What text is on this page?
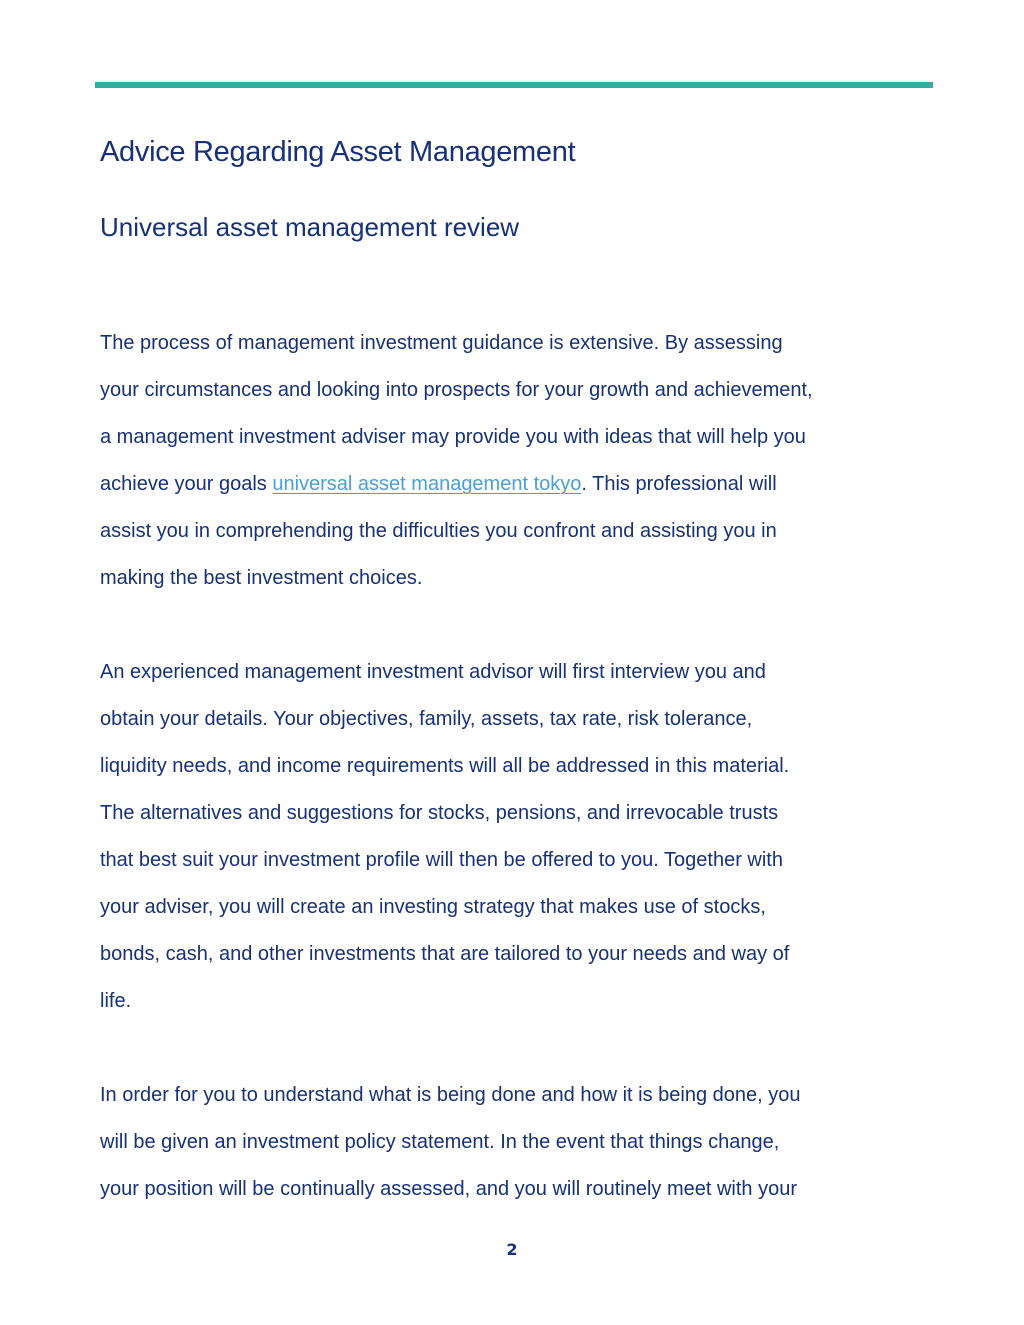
Advice Regarding Asset Management
Universal asset management review

The process of management investment guidance is extensive. By assessing
your circumstances and looking into prospects for your growth and achievement,
a management investment adviser may provide you with ideas that will help you
achieve your goals universal asset management tokyo. This professional will
assist you in comprehending the difficulties you confront and assisting you in
making the best investment choices.

An experienced management investment advisor will first interview you and
obtain your details. Your objectives, family, assets, tax rate, risk tolerance,
liquidity needs, and income requirements will all be addressed in this material.
The alternatives and suggestions for stocks, pensions, and irrevocable trusts
that best suit your investment profile will then be offered to you. Together with
your adviser, you will create an investing strategy that makes use of stocks,
bonds, cash, and other investments that are tailored to your needs and way of
life.

In order for you to understand what is being done and how it is being done, you
will be given an investment policy statement. In the event that things change,
your position will be continually assessed, and you will routinely meet with your

2
